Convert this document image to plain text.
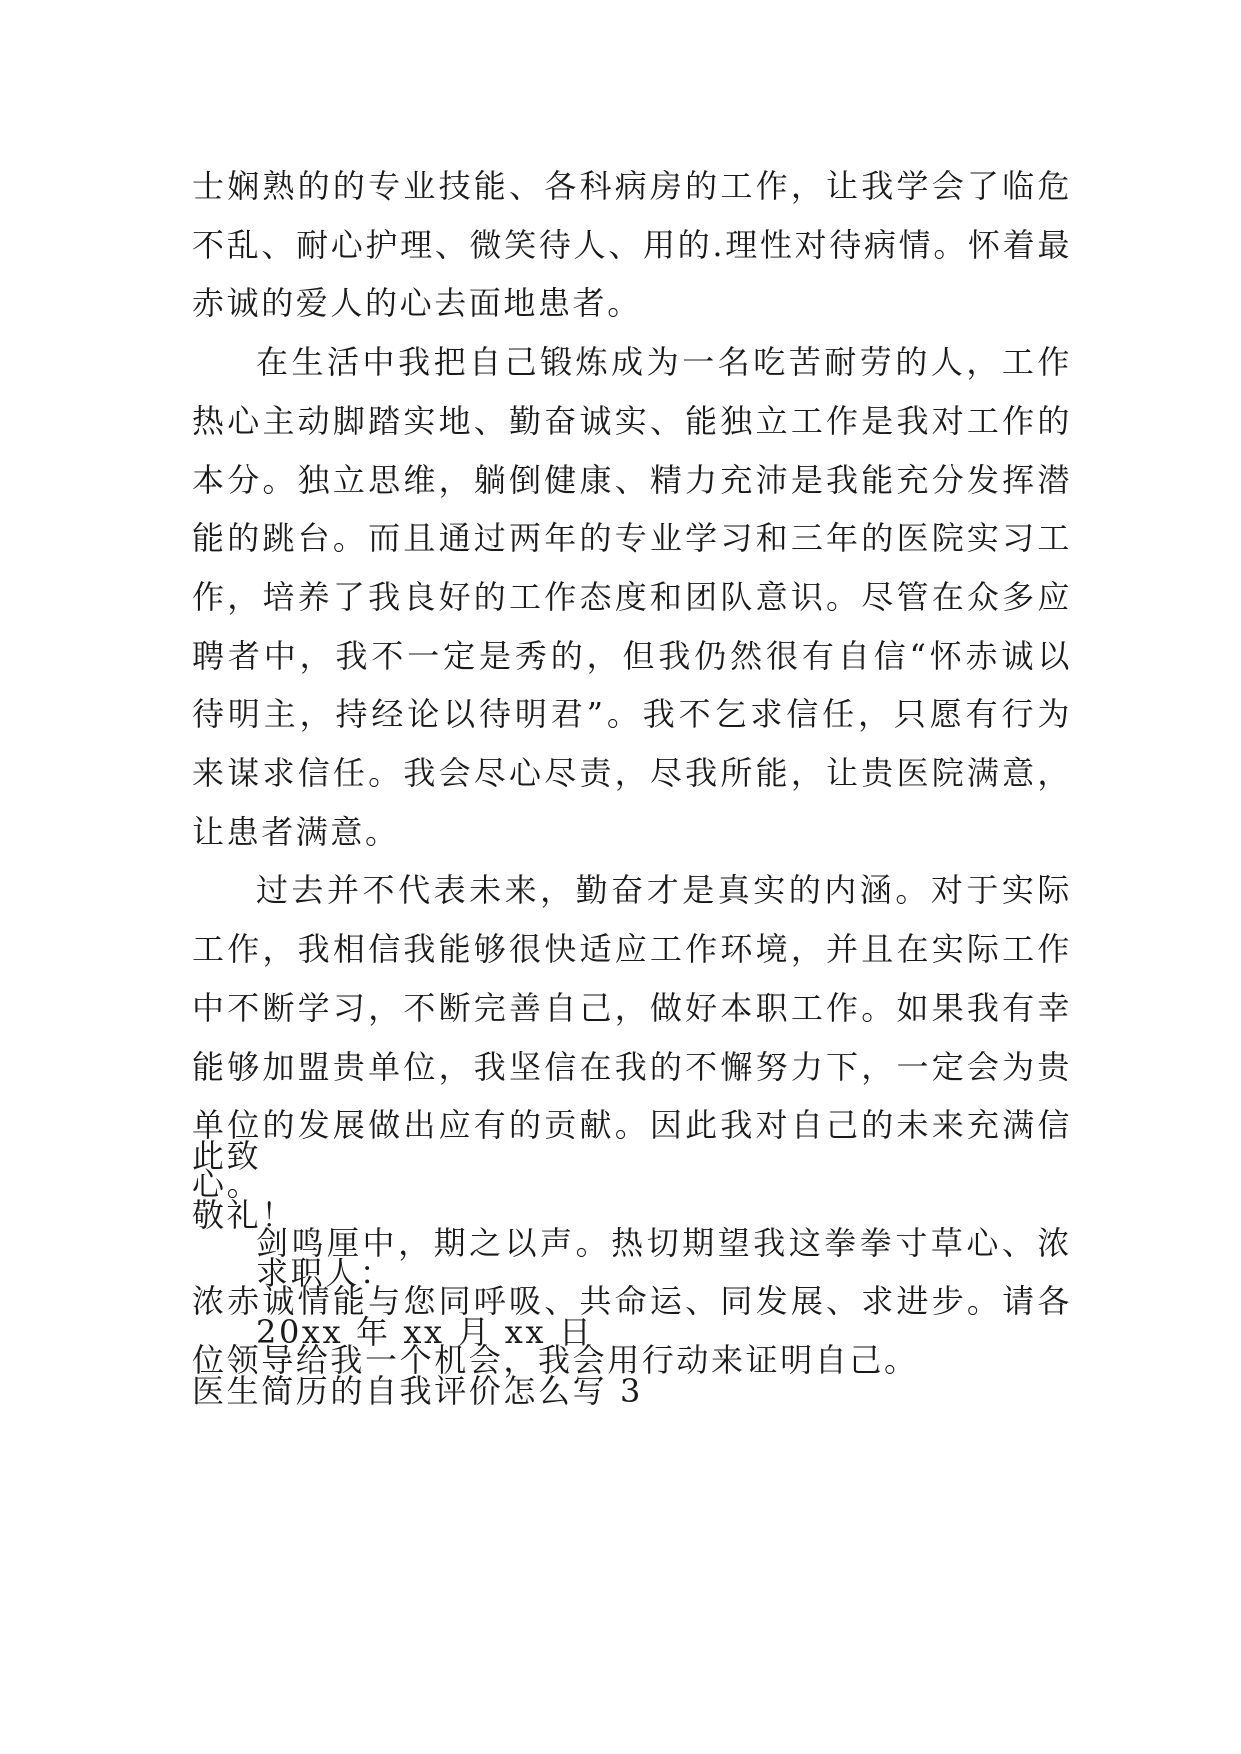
士娴熟的的专业技能、各科病房的工作，让我学会了临危不乱、耐心护理、微笑待人、用的.理性对待病情。怀着最赤诚的爱人的心去面地患者。

在生活中我把自己锻炼成为一名吃苦耐劳的人，工作热心主动脚踏实地、勤奋诚实、能独立工作是我对工作的本分。独立思维，躺倒健康、精力充沛是我能充分发挥潜能的跳台。而且通过两年的专业学习和三年的医院实习工作，培养了我良好的工作态度和团队意识。尽管在众多应聘者中，我不一定是秀的，但我仍然很有自信“怀赤诚以待明主，持经论以待明君”。我不乞求信任，只愿有行为来谋求信任。我会尽心尽责，尽我所能，让贵医院满意，让患者满意。

过去并不代表未来，勤奋才是真实的内涵。对于实际工作，我相信我能够很快适应工作环境，并且在实际工作中不断学习，不断完善自己，做好本职工作。如果我有幸能够加盟贵单位，我坚信在我的不懈努力下，一定会为贵单位的发展做出应有的贡献。因此我对自己的未来充满信心。

剑鸣厘中，期之以声。热切期望我这拳拳寸草心、浓浓赤诚情能与您同呼吸、共命运、同发展、求进步。请各位领导给我一个机会，我会用行动来证明自己。

此致

敬礼！

求职人：

20xx 年 xx 月 xx 日

医生简历的自我评价怎么写 3
